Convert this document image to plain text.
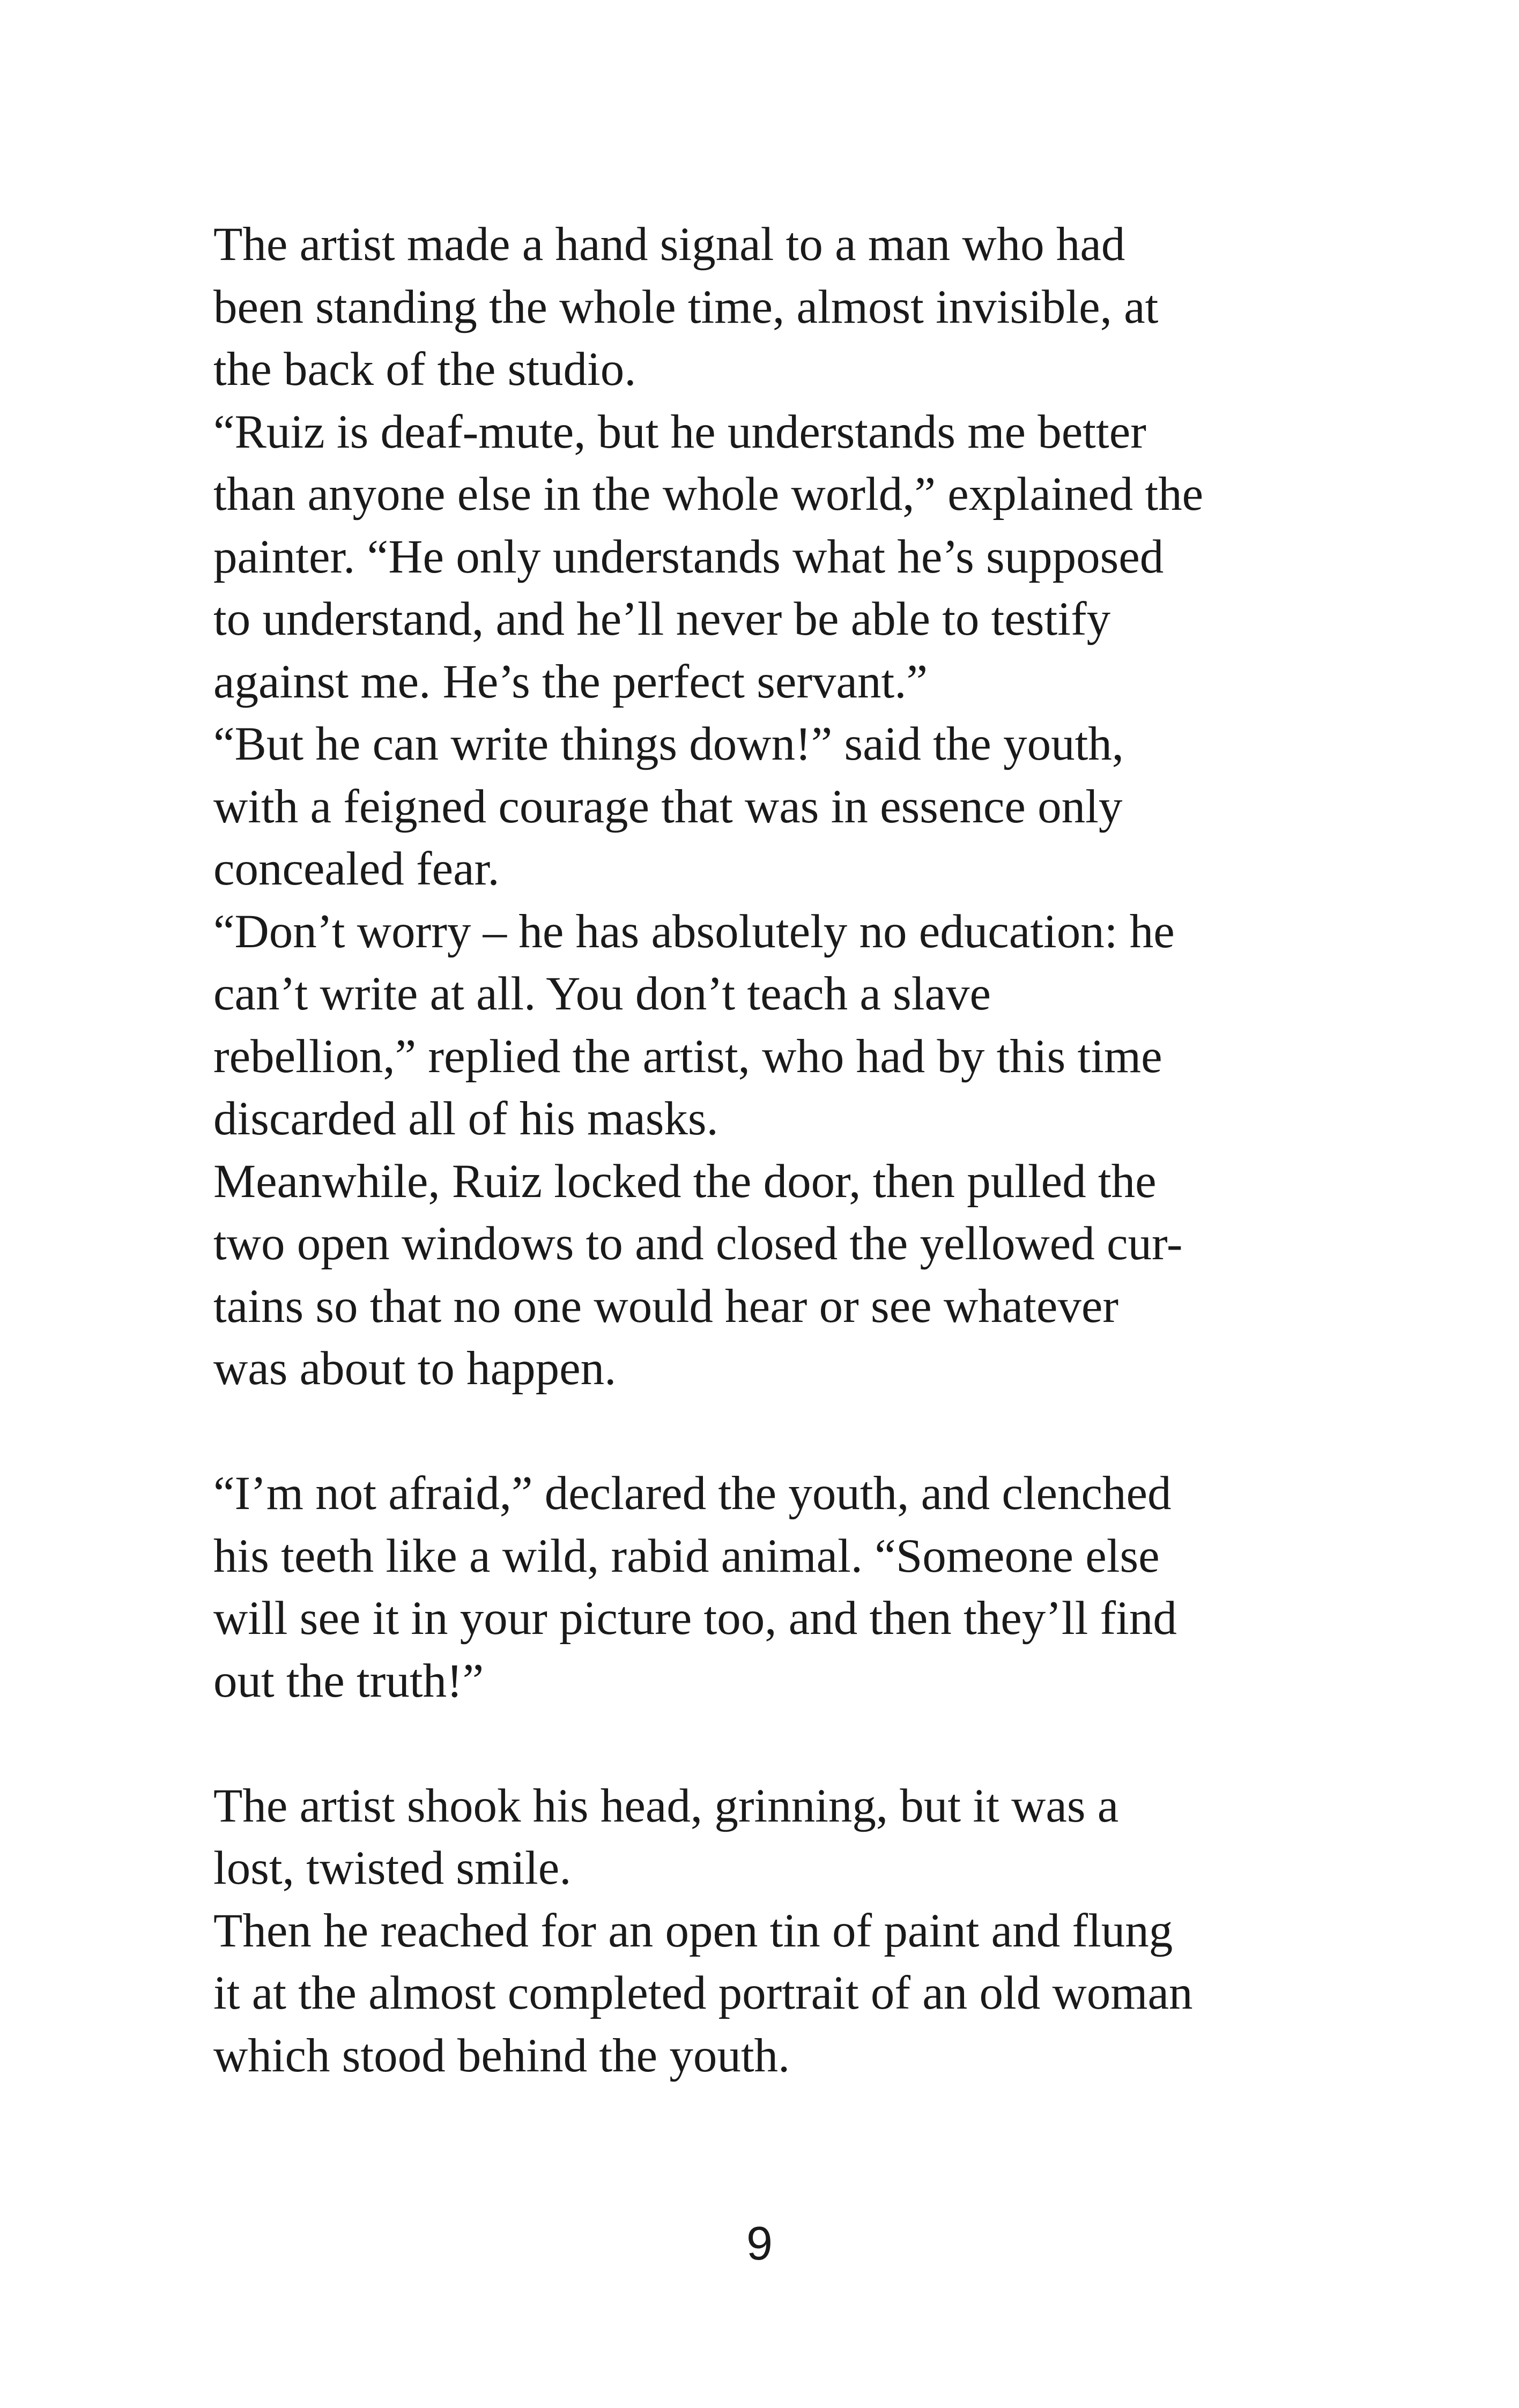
The artist made a hand signal to a man who had
been standing the whole time, almost invisible, at
the back of the studio.
“Ruiz is deaf-mute, but he understands me better
than anyone else in the whole world,” explained the
painter. “He only understands what he’s supposed
to understand, and he’ll never be able to testify
against me. He’s the perfect servant.”
“But he can write things down!” said the youth,
with a feigned courage that was in essence only
concealed fear.
“Don’t worry – he has absolutely no education: he
can’t write at all. You don’t teach a slave
rebellion,” replied the artist, who had by this time
discarded all of his masks.
Meanwhile, Ruiz locked the door, then pulled the
two open windows to and closed the yellowed cur-
tains so that no one would hear or see whatever
was about to happen.
“I’m not afraid,” declared the youth, and clenched
his teeth like a wild, rabid animal. “Someone else
will see it in your picture too, and then they’ll find
out the truth!”
The artist shook his head, grinning, but it was a
lost, twisted smile.
Then he reached for an open tin of paint and flung
it at the almost completed portrait of an old woman
which stood behind the youth.
9
